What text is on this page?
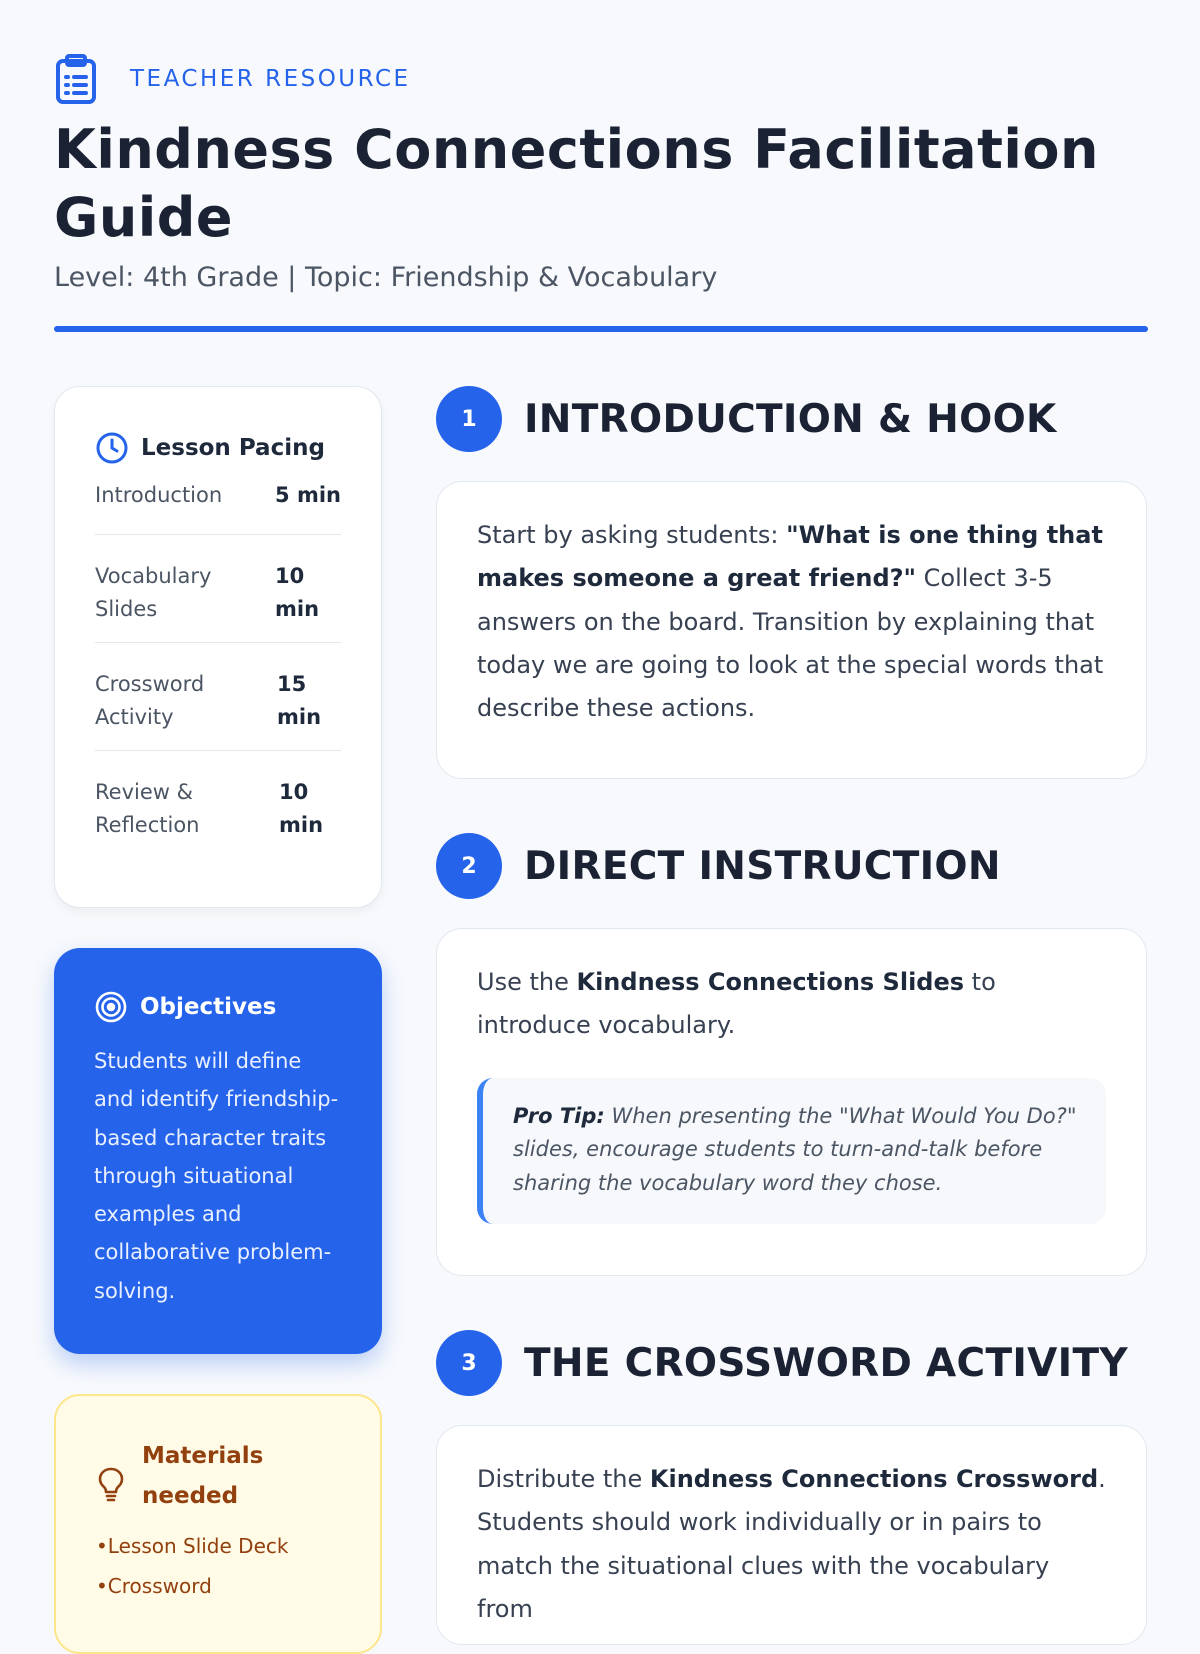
TEACHER RESOURCE
Kindness Connections Facilitation Guide
Level: 4th Grade | Topic: Friendship & Vocabulary
Lesson Pacing
Introduction	5 min
Vocabulary Slides
10 min
Crossword Activity
15 min
Review & Reflection
10 min
Objectives

Students will define and identify friendship-based character traits through situational examples and collaborative problem-solving.

Materials needed
• Lesson Slide Deck
• Crossword
1	INTRODUCTION & HOOK

Start by asking students: "What is one thing that makes someone a great friend?" Collect 3-5 answers on the board. Transition by explaining that today we are going to look at the special words that describe these actions.

2	DIRECT INSTRUCTION

Use the Kindness Connections Slides to introduce vocabulary.

Pro Tip: When presenting the "What Would You Do?" slides, encourage students to turn-and-talk before sharing the vocabulary word they chose.
3	THE CROSSWORD ACTIVITY

Distribute the Kindness Connections Crossword. Students should work individually or in pairs to match the situational clues with the vocabulary from
